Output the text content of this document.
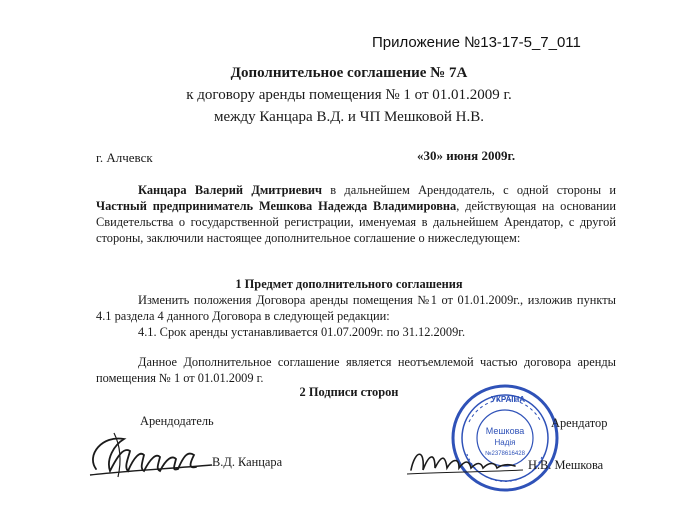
Приложение №13-17-5_7_011

Дополнительное соглашение № 7А

к договору аренды помещения № 1 от 01.01.2009 г.

между Канцара В.Д. и ЧП Мешковой Н.В.

г. Алчевск	«30» июня 2009г.

Канцара Валерий Дмитриевич в дальнейшем Арендодатель, с одной стороны и Частный предприниматель Мешкова Надежда Владимировна, действующая на основании Свидетельства о государственной регистрации, именуемая в дальнейшем Арендатор, с другой стороны, заключили настоящее дополнительное соглашение о нижеследующем:

1 Предмет дополнительного соглашения

Изменить положения Договора аренды помещения №1 от 01.01.2009г., изложив пункты 4.1 раздела 4 данного Договора в следующей редакции:
4.1. Срок аренды устанавливается 01.07.2009г. по 31.12.2009г.

Данное Дополнительное соглашение является неотъемлемой частью договора аренды помещения № 1 от 01.01.2009 г.

2 Подписи сторон
Арендодатель
В.Д. Канцара
УКРАЇНА
Мешкова
Надія
№2378616428
Арендатор
Н.В. Мешкова
